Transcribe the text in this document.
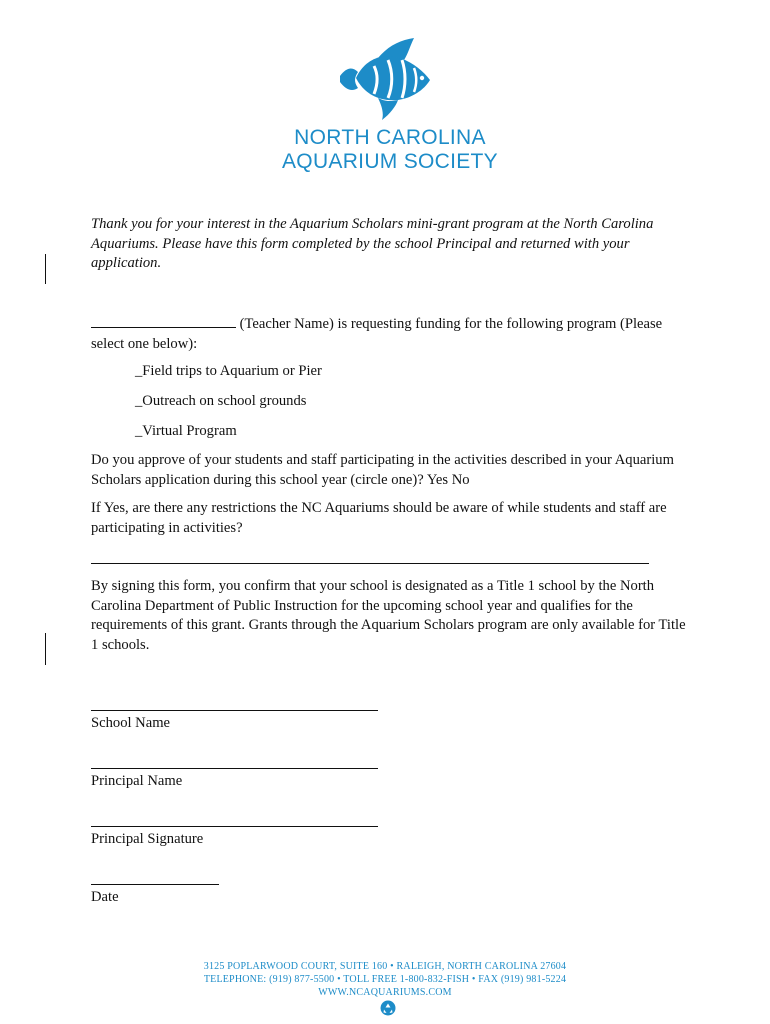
NORTH CAROLINA
AQUARIUM SOCIETY
Thank you for your interest in the Aquarium Scholars mini-grant program at the North Carolina Aquariums. Please have this form completed by the school Principal and returned with your application.
(Teacher Name) is requesting funding for the following program (Please select one below):
_Field trips to Aquarium or Pier
_Outreach on school grounds
_Virtual Program
Do you approve of your students and staff participating in the activities described in your Aquarium Scholars application during this school year (circle one)? Yes No
If Yes, are there any restrictions the NC Aquariums should be aware of while students and staff are participating in activities?
By signing this form, you confirm that your school is designated as a Title 1 school by the North Carolina Department of Public Instruction for the upcoming school year and qualifies for the requirements of this grant. Grants through the Aquarium Scholars program are only available for Title 1 schools.
School Name
Principal Name
Principal Signature
Date
3125 POPLARWOOD COURT, SUITE 160 • RALEIGH, NORTH CAROLINA 27604
TELEPHONE: (919) 877-5500 • TOLL FREE 1-800-832-FISH • FAX (919) 981-5224
WWW.NCAQUARIUMS.COM
